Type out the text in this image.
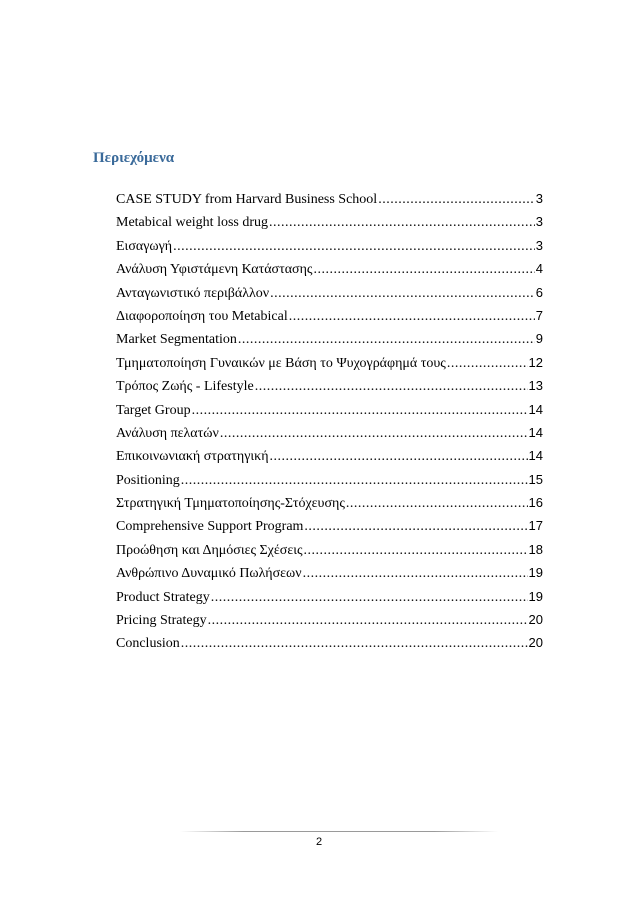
Περιεχόμενα
CASE STUDY from Harvard Business School .....	3
Metabical weight loss drug .....	3
Εισαγωγή .....	3
Ανάλυση Υφιστάμενη Κατάστασης .....	4
Ανταγωνιστικό περιβάλλον .....	6
Διαφοροποίηση του Metabical .....	7
Market Segmentation .....	9
Τμηματοποίηση Γυναικών με Βάση το Ψυχογράφημά τους .....	12
Τρόπος Ζωής - Lifestyle .....	13
Target Group .....	14
Ανάλυση πελατών .....	14
Επικοινωνιακή στρατηγική .....	14
Positioning .....	15
Στρατηγική Τμηματοποίησης-Στόχευσης .....	16
Comprehensive Support Program .....	17
Προώθηση και Δημόσιες Σχέσεις .....	18
Ανθρώπινο Δυναμικό Πωλήσεων .....	19
Product Strategy .....	19
Pricing Strategy .....	20
Conclusion .....	20
2
